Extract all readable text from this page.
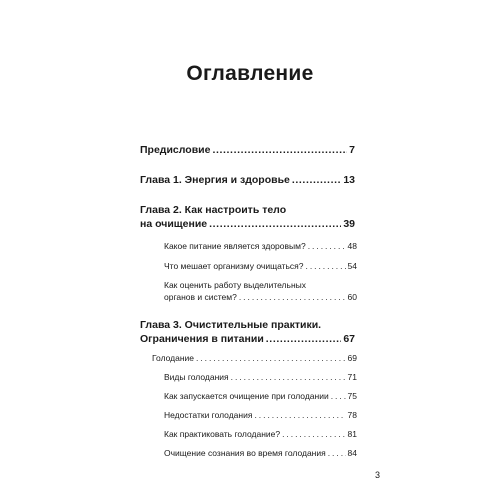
Оглавление
Предисловие .....	7
Глава 1. Энергия и здоровье .....	13
Глава 2. Как настроить тело
на очищение .....	39
Какое питание является здоровым? . . .	48
Что мешает организму очищаться? . . .	54
Как оценить работу выделительных
органов и систем? . . .	60
Глава 3. Очистительные практики.
Ограничения в питании .....	67
Голодание . . .	69
Виды голодания . . .	71
Как запускается очищение при голодании . . . 75
Недостатки голодания . . .	78
Как практиковать голодание? . . .	81
Очищение сознания во время голодания . . .	84
3
